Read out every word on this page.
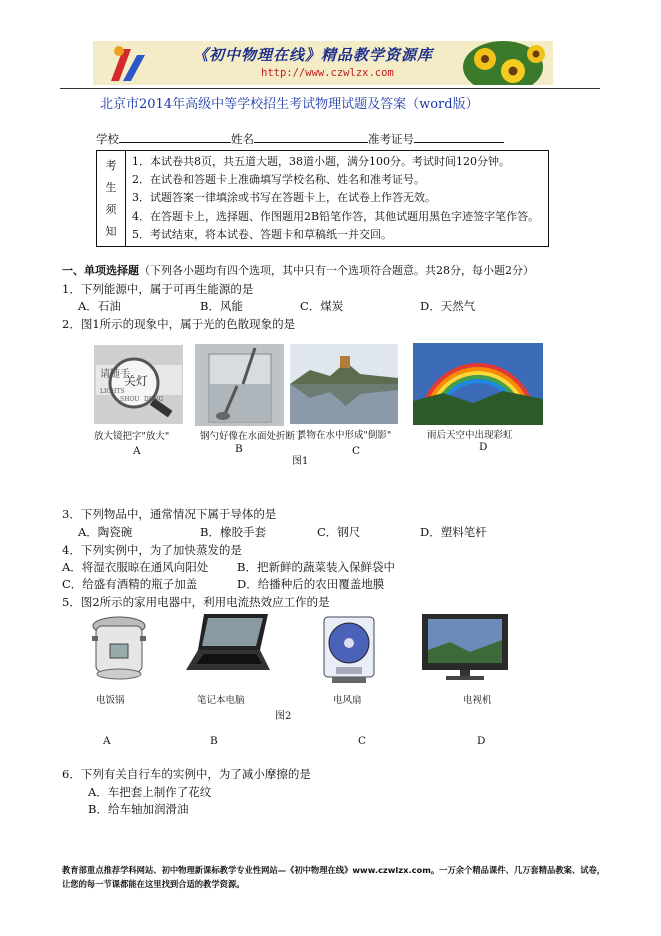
《初中物理在线》精品教学资源库
http://www.czwlzx.com
北京市2014年高级中等学校招生考试物理试题及答案（word版）
学校	姓名	准考证号
考
生
须
知

1．本试卷共8页，共五道大题，38道小题，满分100分。考试时间120分钟。
2．在试卷和答题卡上准确填写学校名称、姓名和准考证号。
3．试题答案一律填涂或书写在答题卡上，在试卷上作答无效。
4．在答题卡上，选择题、作图题用2B铅笔作答，其他试题用黑色字迹签字笔作答。
5．考试结束，将本试卷、答题卡和草稿纸一并交回。
一、单项选择题（下列各小题均有四个选项，其中只有一个选项符合题意。共28分，每小题2分）
1．下列能源中，属于可再生能源的是
A．石油	B．风能	C．煤炭	D．天然气
2．图1所示的现象中，属于光的色散现象的是
请随手
关灯
LIGHTS
SHOU DENG
放大镜把字"放大"	钢勺好像在水面处折断了
景物在水中形成"倒影"	雨后天空中出现彩虹
A	B	C	D
图1
3．下列物品中，通常情况下属于导体的是
A．陶瓷碗	B．橡胶手套	C．钢尺	D．塑料笔杆
4．下列实例中，为了加快蒸发的是
A．将湿衣服晾在通风向阳处 B．把新鲜的蔬菜装入保鲜袋中
C．给盛有酒精的瓶子加盖	D．给播种后的农田覆盖地膜
5．图2所示的家用电器中，利用电流热效应工作的是
电饭锅	笔记本电脑	电风扇	电视机
图2
A	B	C	D
6．下列有关自行车的实例中，为了减小摩擦的是
A．车把套上制作了花纹
B．给车轴加润滑油
教育部重点推荐学科网站、初中物理新课标教学专业性网站—《初中物理在线》www.czwlzx.com。一万余个精品课件、几万套精品教案、试卷，让您的每一节课都能在这里找到合适的教学资源。
